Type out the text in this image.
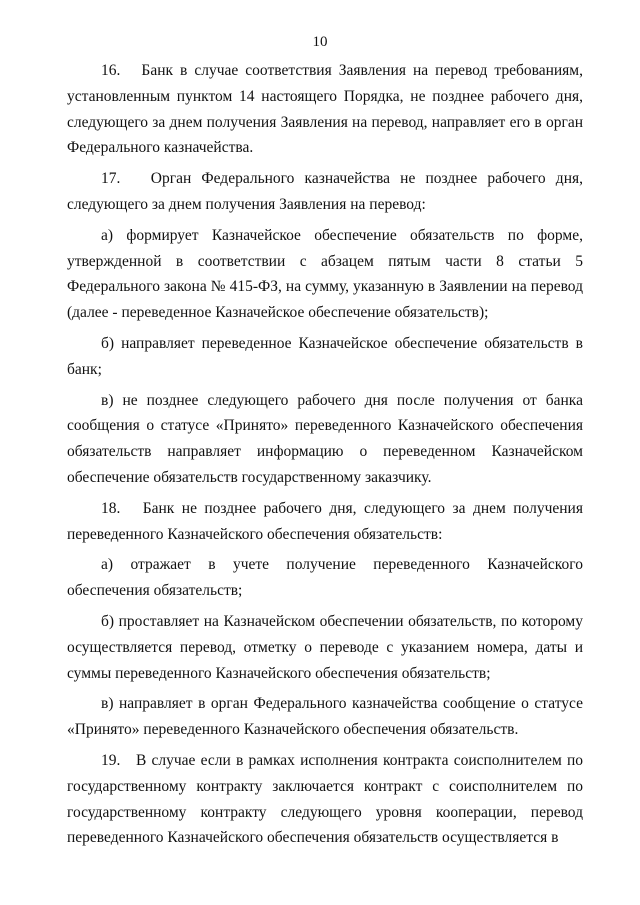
10

16.   Банк в случае соответствия Заявления на перевод требованиям, установленным пунктом 14 настоящего Порядка, не позднее рабочего дня, следующего за днем получения Заявления на перевод, направляет его в орган Федерального казначейства.

17.   Орган Федерального казначейства не позднее рабочего дня, следующего за днем получения Заявления на перевод:

а) формирует Казначейское обеспечение обязательств по форме, утвержденной в соответствии с абзацем пятым части 8 статьи 5 Федерального закона № 415-ФЗ, на сумму, указанную в Заявлении на перевод (далее - переведенное Казначейское обеспечение обязательств);

б) направляет переведенное Казначейское обеспечение обязательств в банк;

в) не позднее следующего рабочего дня после получения от банка сообщения о статусе «Принято» переведенного Казначейского обеспечения обязательств направляет информацию о переведенном Казначейском обеспечение обязательств государственному заказчику.

18.   Банк не позднее рабочего дня, следующего за днем получения переведенного Казначейского обеспечения обязательств:

а) отражает в учете получение переведенного Казначейского обеспечения обязательств;

б) проставляет на Казначейском обеспечении обязательств, по которому осуществляется перевод, отметку о переводе с указанием номера, даты и суммы переведенного Казначейского обеспечения обязательств;

в) направляет в орган Федерального казначейства сообщение о статусе «Принято» переведенного Казначейского обеспечения обязательств.

19.   В случае если в рамках исполнения контракта соисполнителем по государственному контракту заключается контракт с соисполнителем по государственному контракту следующего уровня кооперации, перевод переведенного Казначейского обеспечения обязательств осуществляется в
